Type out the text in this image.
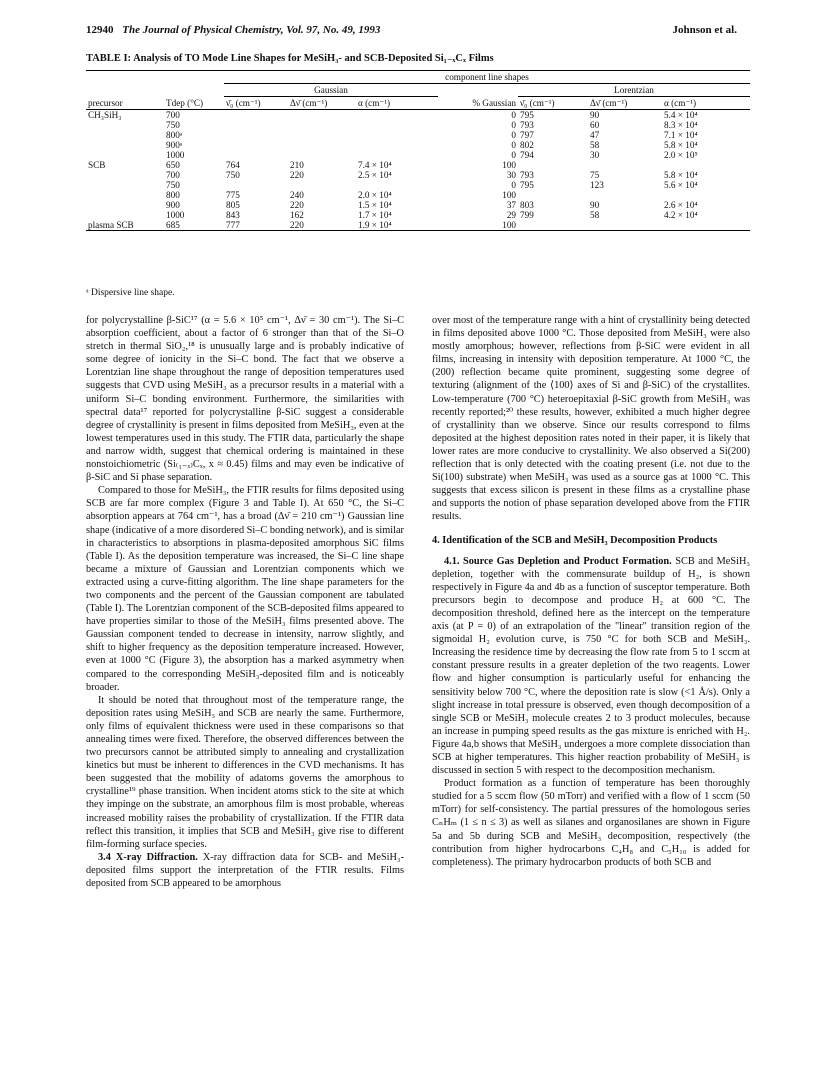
12940 The Journal of Physical Chemistry, Vol. 97, No. 49, 1993	Johnson et al.
TABLE I: Analysis of TO Mode Line Shapes for MeSiH₃- and SCB-Deposited Si₁₋ₓCₓ Films
		component line shapes						
		Gaussian				Lorentzian		
precursor	Tdep (°C)	ν̄₀ (cm⁻¹)	Δν̄ (cm⁻¹)	α (cm⁻¹)	% Gaussian	ν̄₀ (cm⁻¹)	Δν̄ (cm⁻¹)	α (cm⁻¹)
CH₃SiH₃	700				0	795	90	5.4 × 10⁴
	750				0	793	60	8.3 × 10⁴
	800ᵃ				0	797	47	7.1 × 10⁴
	900ᵃ				0	802	58	5.8 × 10⁴
	1000				0	794	30	2.0 × 10⁵
SCB	650	764	210	7.4 × 10⁴	100			
	700	750	220	2.5 × 10⁴	30	793	75	5.8 × 10⁴
	750				0	795	123	5.6 × 10⁴
	800	775	240	2.0 × 10⁴	100			
	900	805	220	1.5 × 10⁴	37	803	90	2.6 × 10⁴
	1000	843	162	1.7 × 10⁴	29	799	58	4.2 × 10⁴
plasma SCB	685	777	220	1.9 × 10⁴	100			
ᵃ Dispersive line shape.

for polycrystalline β-SiC¹⁷ (α = 5.6 × 10⁵ cm⁻¹, Δν̄ = 30 cm⁻¹). The Si–C absorption coefficient, about a factor of 6 stronger than that of the Si–O stretch in thermal SiO₂,¹⁸ is unusually large and is probably indicative of some degree of ionicity in the Si–C bond. The fact that we observe a Lorentzian line shape throughout the range of deposition temperatures used suggests that CVD using MeSiH₃ as a precursor results in a material with a uniform Si–C bonding environment. Furthermore, the similarities with spectral data¹⁷ reported for polycrystalline β-SiC suggest a considerable degree of crystallinity is present in films deposited from MeSiH₃, even at the lowest temperatures used in this study. The FTIR data, particularly the shape and narrow width, suggest that chemical ordering is maintained in these nonstoichiometric (Si₍₁₋ₓ₎Cₓ, x ≈ 0.45) films and may even be indicative of β-SiC and Si phase separation.

Compared to those for MeSiH₃, the FTIR results for films deposited using SCB are far more complex (Figure 3 and Table I). At 650 °C, the Si–C absorption appears at 764 cm⁻¹, has a broad (Δν̄ = 210 cm⁻¹) Gaussian line shape (indicative of a more disordered Si–C bonding network), and is similar in characteristics to absorptions in plasma-deposited amorphous SiC films (Table I). As the deposition temperature was increased, the Si–C line shape became a mixture of Gaussian and Lorentzian components which we extracted using a curve-fitting algorithm. The line shape parameters for the two components and the percent of the Gaussian component are tabulated (Table I). The Lorentzian component of the SCB-deposited films appeared to have properties similar to those of the MeSiH₃ films presented above. The Gaussian component tended to decrease in intensity, narrow slightly, and shift to higher frequency as the deposition temperature increased. However, even at 1000 °C (Figure 3), the absorption has a marked asymmetry when compared to the corresponding MeSiH₃-deposited film and is noticeably broader.

It should be noted that throughout most of the temperature range, the deposition rates using MeSiH₃ and SCB are nearly the same. Furthermore, only films of equivalent thickness were used in these comparisons so that annealing times were fixed. Therefore, the observed differences between the two precursors cannot be attributed simply to annealing and crystallization kinetics but must be inherent to differences in the CVD mechanisms. It has been suggested that the mobility of adatoms governs the amorphous to crystalline¹⁹ phase transition. When incident atoms stick to the site at which they impinge on the substrate, an amorphous film is most probable, whereas increased mobility raises the probability of crystallization. If the FTIR data reflect this transition, it implies that SCB and MeSiH₃ give rise to different film-forming surface species.

3.4 X-ray Diffraction. X-ray diffraction data for SCB- and MeSiH₃-deposited films support the interpretation of the FTIR results. Films deposited from SCB appeared to be amorphous

over most of the temperature range with a hint of crystallinity being detected in films deposited above 1000 °C. Those deposited from MeSiH₃ were also mostly amorphous; however, reflections from β-SiC were evident in all films, increasing in intensity with deposition temperature. At 1000 °C, the (200) reflection became quite prominent, suggesting some degree of texturing (alignment of the ⟨100⟩ axes of Si and β-SiC) of the crystallites. Low-temperature (700 °C) heteroepitaxial β-SiC growth from MeSiH₃ was recently reported;²⁰ these results, however, exhibited a much higher degree of crystallinity than we observe. Since our results correspond to films deposited at the highest deposition rates noted in their paper, it is likely that lower rates are more conducive to crystallinity. We also observed a Si(200) reflection that is only detected with the coating present (i.e. not due to the Si(100) substrate) when MeSiH₃ was used as a source gas at 1000 °C. This suggests that excess silicon is present in these films as a crystalline phase and supports the notion of phase separation developed above from the FTIR results.

4. Identification of the SCB and MeSiH₃ Decomposition Products

4.1. Source Gas Depletion and Product Formation. SCB and MeSiH₃ depletion, together with the commensurate buildup of H₂, is shown respectively in Figure 4a and 4b as a function of susceptor temperature. Both precursors begin to decompose and produce H₂ at 600 °C. The decomposition threshold, defined here as the intercept on the temperature axis (at P = 0) of an extrapolation of the "linear" transition region of the sigmoidal H₂ evolution curve, is 750 °C for both SCB and MeSiH₃. Increasing the residence time by decreasing the flow rate from 5 to 1 sccm at constant pressure results in a greater depletion of the two reagents. Lower flow and higher consumption is particularly useful for enhancing the sensitivity below 700 °C, where the deposition rate is slow (<1 Å/s). Only a slight increase in total pressure is observed, even though decomposition of a single SCB or MeSiH₃ molecule creates 2 to 3 product molecules, because an increase in pumping speed results as the gas mixture is enriched with H₂. Figure 4a,b shows that MeSiH₃ undergoes a more complete dissociation than SCB at higher temperatures. This higher reaction probability of MeSiH₃ is discussed in section 5 with respect to the decomposition mechanism.

Product formation as a function of temperature has been thoroughly studied for a 5 sccm flow (50 mTorr) and verified with a flow of 1 sccm (50 mTorr) for self-consistency. The partial pressures of the homologous series CₙHₘ (1 ≤ n ≤ 3) as well as silanes and organosilanes are shown in Figure 5a and 5b during SCB and MeSiH₃ decomposition, respectively (the contribution from higher hydrocarbons C₄H₈ and C₅H₁₀ is added for completeness). The primary hydrocarbon products of both SCB and
